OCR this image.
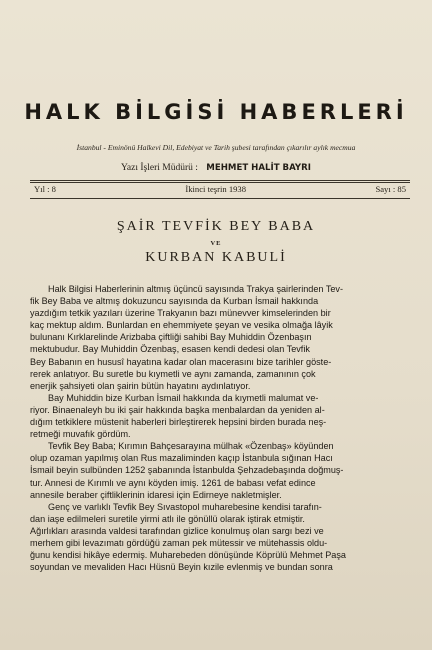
HALK BİLGİSİ HABERLERİ
İstanbul - Eminönü Halkevi Dil, Edebiyat ve Tarih şubesi tarafından çıkarılır aylık mecmua
Yazı İşleri Müdürü : MEHMET HALİT BAYRI
Yıl : 8	İkinci teşrin 1938	Sayı : 85
ŞAİR TEVFİK BEY BABA
VE
KURBAN KABULİ
Halk Bilgisi Haberlerinin altmış üçüncü sayısında Trakya şairlerinden Tev-
fik Bey Baba ve altmış dokuzuncu sayısında da Kurban İsmail hakkında
yazdığım tetkik yazıları üzerine Trakyanın bazı münevver kimselerinden bir
kaç mektup aldım. Bunlardan en ehemmiyete şeyan ve vesika olmağa lâyik
bulunanı Kırklarelinde Arizbaba çiftliği sahibi Bay Muhiddin Özenbaşın
mektubudur. Bay Muhiddin Özenbaş, esasen kendi dedesi olan Tevfik
Bey Babanın en hususî hayatına kadar olan macerasını bize tarihler göste-
rerek anlatıyor. Bu suretle bu kıymetli ve aynı zamanda, zamanının çok
enerjik şahsiyeti olan şairin bütün hayatını aydınlatıyor.
Bay Muhiddin bize Kurban İsmail hakkında da kıymetli malumat ve-
riyor. Binaenaleyh bu iki şair hakkında başka menbalardan da yeniden al-
dığım tetkiklere müstenit haberleri birleştirerek hepsini birden burada neş-
retmeği muvafık gördüm.
Tevfik Bey Baba; Kırımın Bahçesarayına mülhak «Özenbaş» köyünden
olup ozaman yapılmış olan Rus mazaliminden kaçıp İstanbula sığınan Hacı
İsmail beyin sulbünden 1252 şabanında İstanbulda Şehzadebaşında doğmuş-
tur. Annesi de Kırımlı ve aynı köyden imiş. 1261 de babası vefat edince
annesile beraber çiftliklerinin idaresi için Edirneye nakletmişler.
Genç ve varlıklı Tevfik Bey Sıvastopol muharebesine kendisi tarafın-
dan iaşe edilmeleri suretile yirmi atlı ile gönüllü olarak iştirak etmiştir.
Ağırlıkları arasında valdesi tarafından gizlice konulmuş olan sargı bezi ve
merhem gibi levazımatı gördüğü zaman pek mütessir ve mütehassis oldu-
ğunu kendisi hikâye edermiş. Muharebeden dönüşünde Köprülü Mehmet Paşa
soyundan ve mevaliden Hacı Hüsnü Beyin kızile evlenmiş ve bundan sonra
